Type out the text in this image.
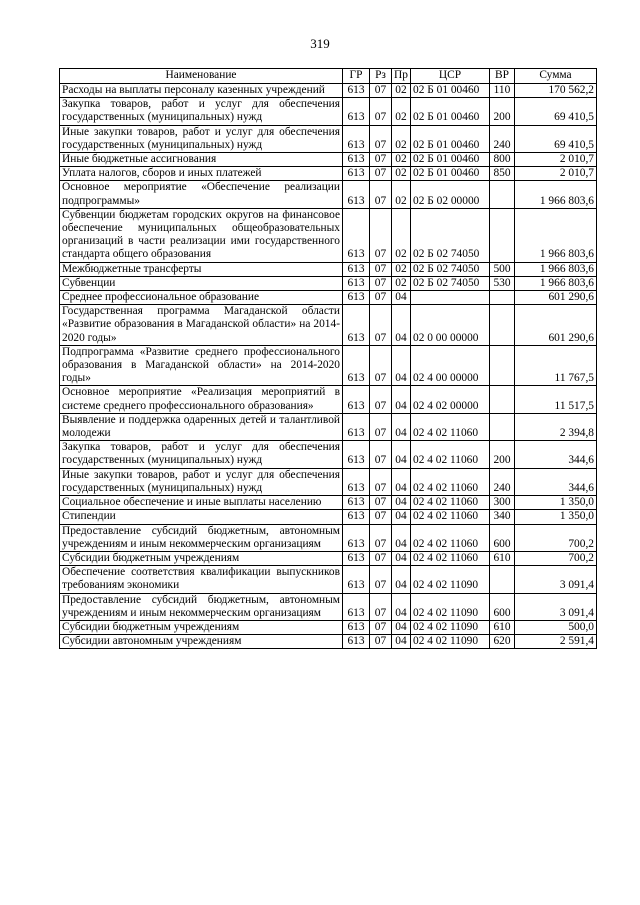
319
Наименование	ГР	Рз	Пр	ЦСР	ВР	Сумма
Расходы на выплаты персоналу казенных учреждений	613	07	02	02 Б 01 00460	110	170 562,2
Закупка товаров, работ и услуг для обеспечения государственных (муниципальных) нужд	613	07	02	02 Б 01 00460	200	69 410,5
Иные закупки товаров, работ и услуг для обеспечения государственных (муниципальных) нужд	613	07	02	02 Б 01 00460	240	69 410,5
Иные бюджетные ассигнования	613	07	02	02 Б 01 00460	800	2 010,7
Уплата налогов, сборов и иных платежей	613	07	02	02 Б 01 00460	850	2 010,7
Основное мероприятие «Обеспечение реализации подпрограммы»	613	07	02	02 Б 02 00000		1 966 803,6
Субвенции бюджетам городских округов на финансовое обеспечение муниципальных общеобразовательных организаций в части реализации ими государственного стандарта общего образования	613	07	02	02 Б 02 74050		1 966 803,6
Межбюджетные трансферты	613	07	02	02 Б 02 74050	500	1 966 803,6
Субвенции	613	07	02	02 Б 02 74050	530	1 966 803,6
Среднее профессиональное образование	613	07	04			601 290,6
Государственная программа Магаданской области «Развитие образования в Магаданской области» на 2014-2020 годы»	613	07	04	02 0 00 00000		601 290,6
Подпрограмма «Развитие среднего профессионального образования в Магаданской области» на 2014-2020 годы»	613	07	04	02 4 00 00000		11 767,5
Основное мероприятие «Реализация мероприятий в системе среднего профессионального образования»	613	07	04	02 4 02 00000		11 517,5
Выявление и поддержка одаренных детей и талантливой молодежи	613	07	04	02 4 02 11060		2 394,8
Закупка товаров, работ и услуг для обеспечения государственных (муниципальных) нужд	613	07	04	02 4 02 11060	200	344,6
Иные закупки товаров, работ и услуг для обеспечения государственных (муниципальных) нужд	613	07	04	02 4 02 11060	240	344,6
Социальное обеспечение и иные выплаты населению	613	07	04	02 4 02 11060	300	1 350,0
Стипендии	613	07	04	02 4 02 11060	340	1 350,0
Предоставление субсидий бюджетным, автономным учреждениям и иным некоммерческим организациям	613	07	04	02 4 02 11060	600	700,2
Субсидии бюджетным учреждениям	613	07	04	02 4 02 11060	610	700,2
Обеспечение соответствия квалификации выпускников требованиям экономики	613	07	04	02 4 02 11090		3 091,4
Предоставление субсидий бюджетным, автономным учреждениям и иным некоммерческим организациям	613	07	04	02 4 02 11090	600	3 091,4
Субсидии бюджетным учреждениям	613	07	04	02 4 02 11090	610	500,0
Субсидии автономным учреждениям	613	07	04	02 4 02 11090	620	2 591,4
